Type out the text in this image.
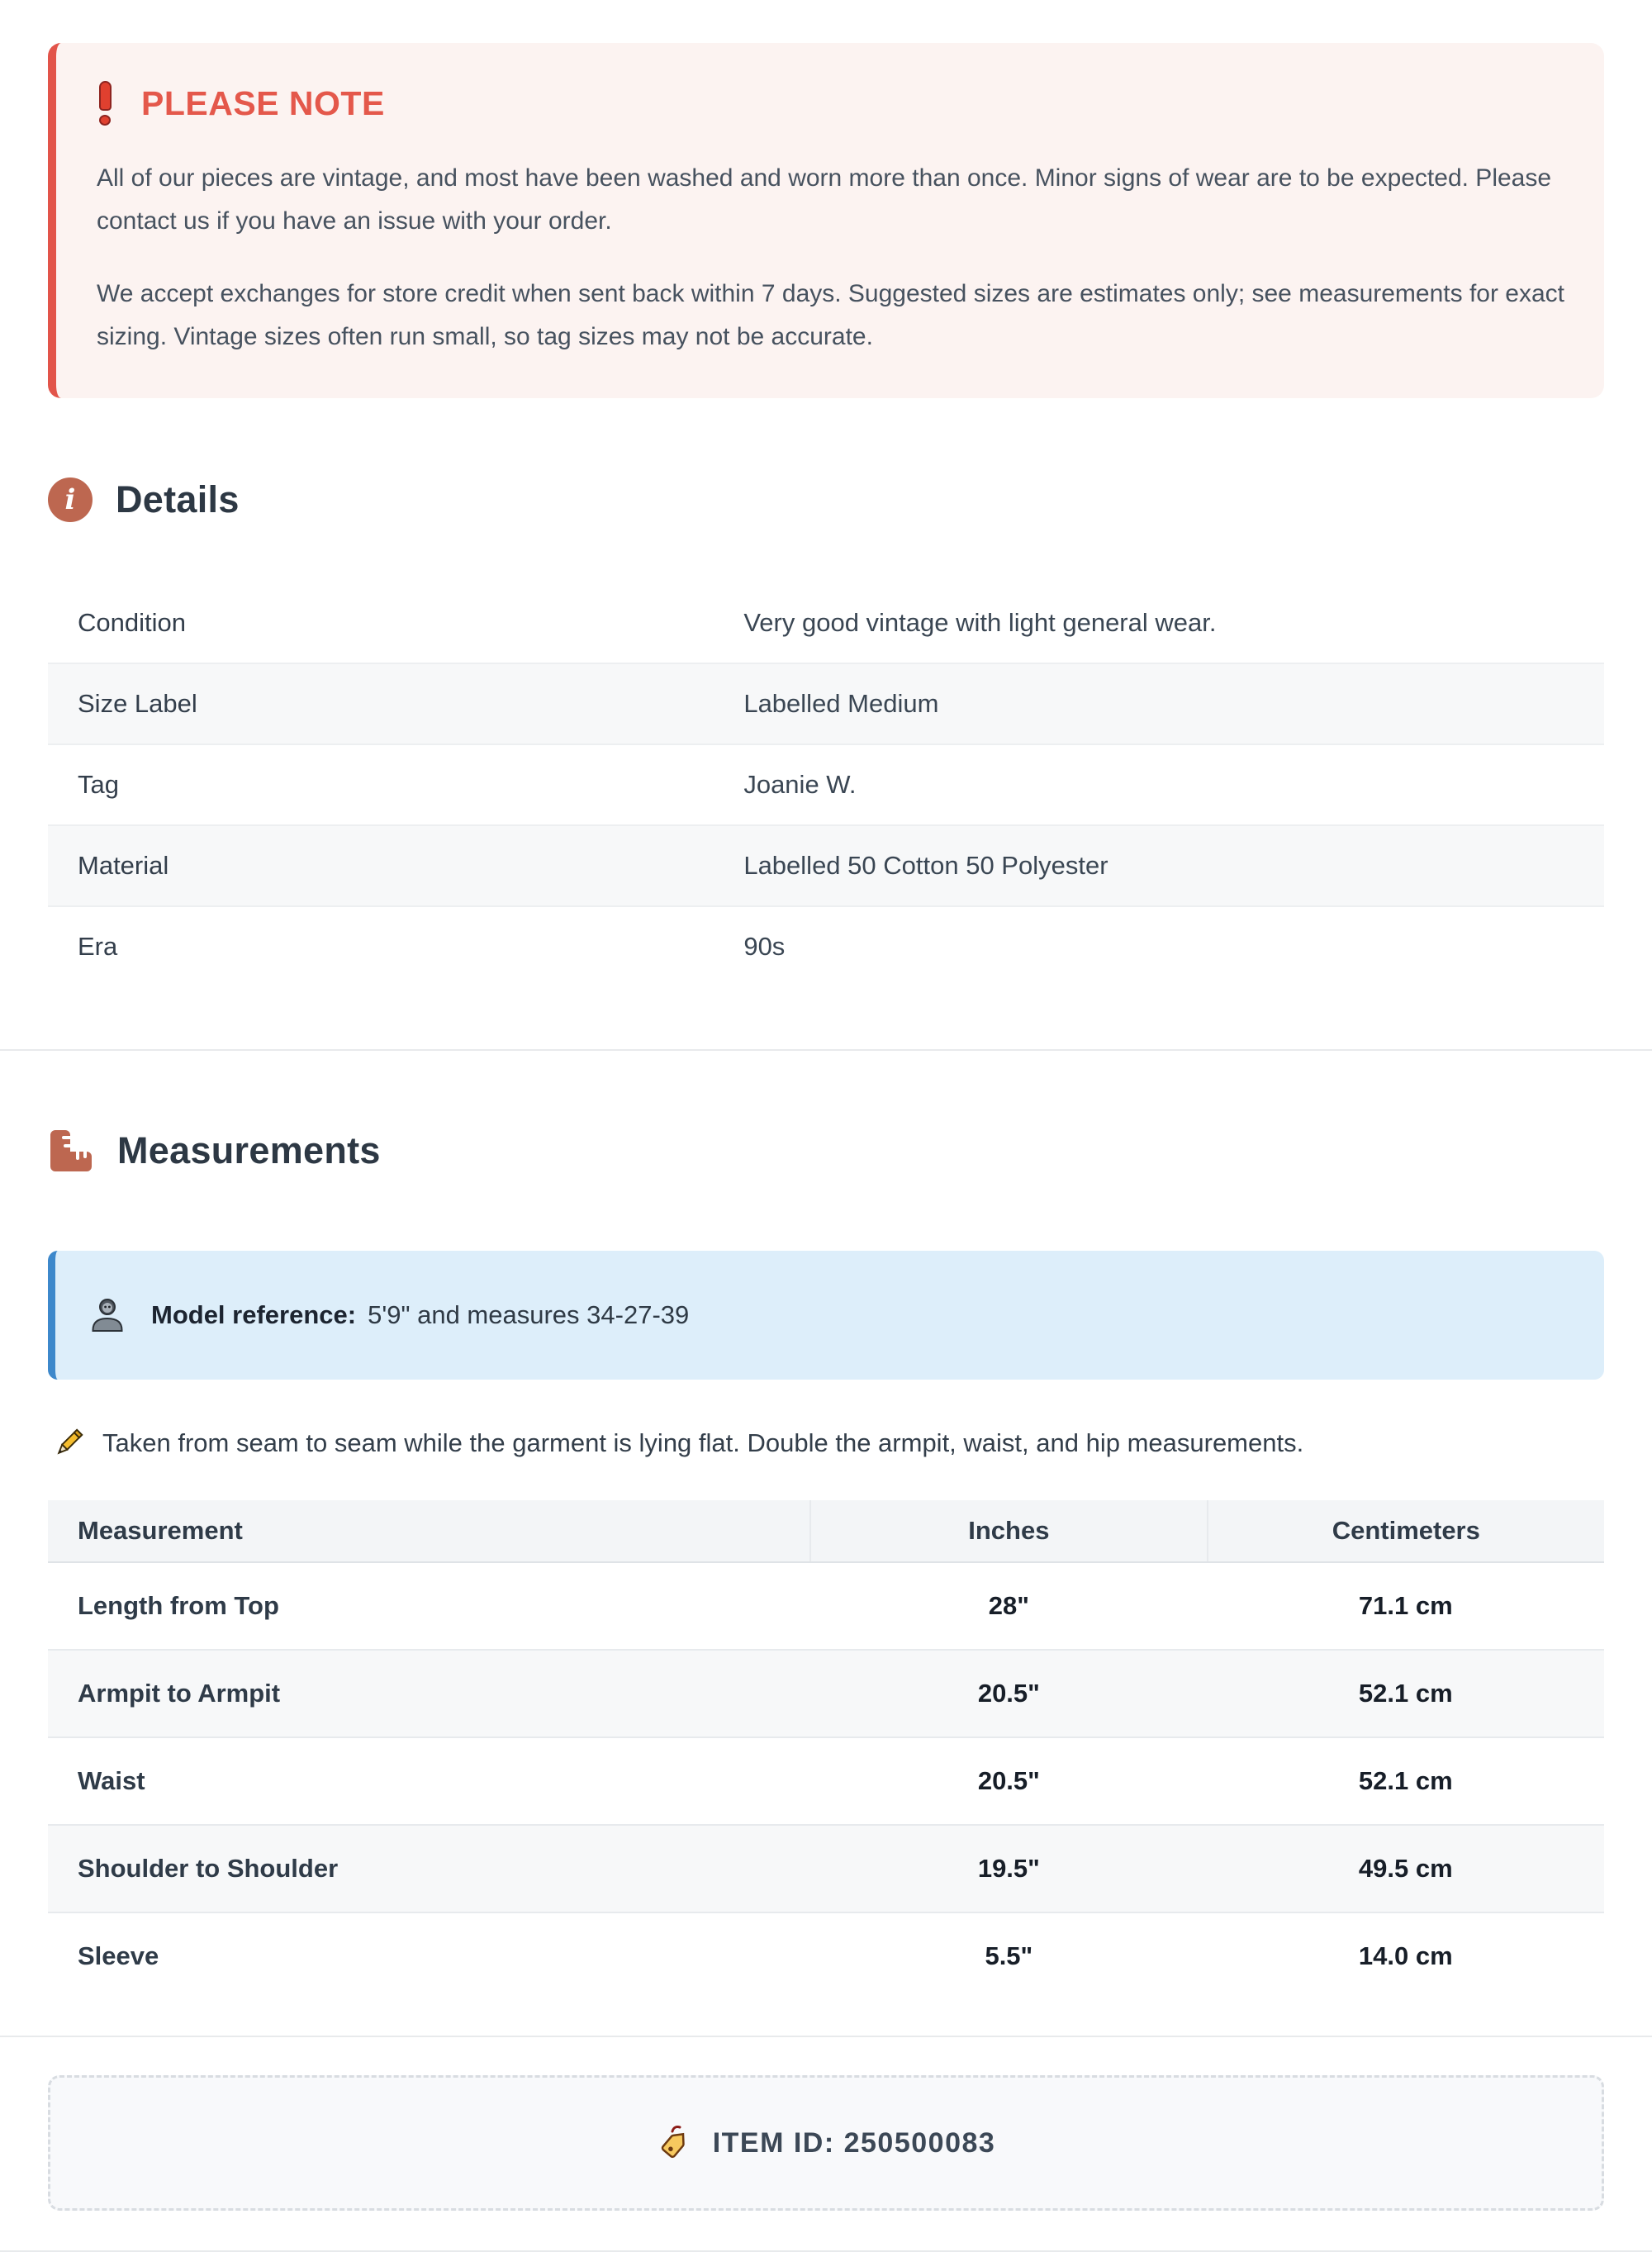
PLEASE NOTE

All of our pieces are vintage, and most have been washed and worn more than once. Minor signs of wear are to be expected. Please contact us if you have an issue with your order.

We accept exchanges for store credit when sent back within 7 days. Suggested sizes are estimates only; see measurements for exact sizing. Vintage sizes often run small, so tag sizes may not be accurate.

i	Details
Condition	Very good vintage with light general wear.
Size Label	Labelled Medium
Tag	Joanie W.
Material	Labelled 50 Cotton 50 Polyester
Era	90s
Measurements

Model reference: 5'9" and measures 34-27-39

Taken from seam to seam while the garment is lying flat. Double the armpit, waist, and hip measurements.
Measurement	Inches	Centimeters
Length from Top	28"	71.1 cm
Armpit to Armpit	20.5"	52.1 cm
Waist	20.5"	52.1 cm
Shoulder to Shoulder	19.5"	49.5 cm
Sleeve	5.5"	14.0 cm
ITEM ID: 250500083
